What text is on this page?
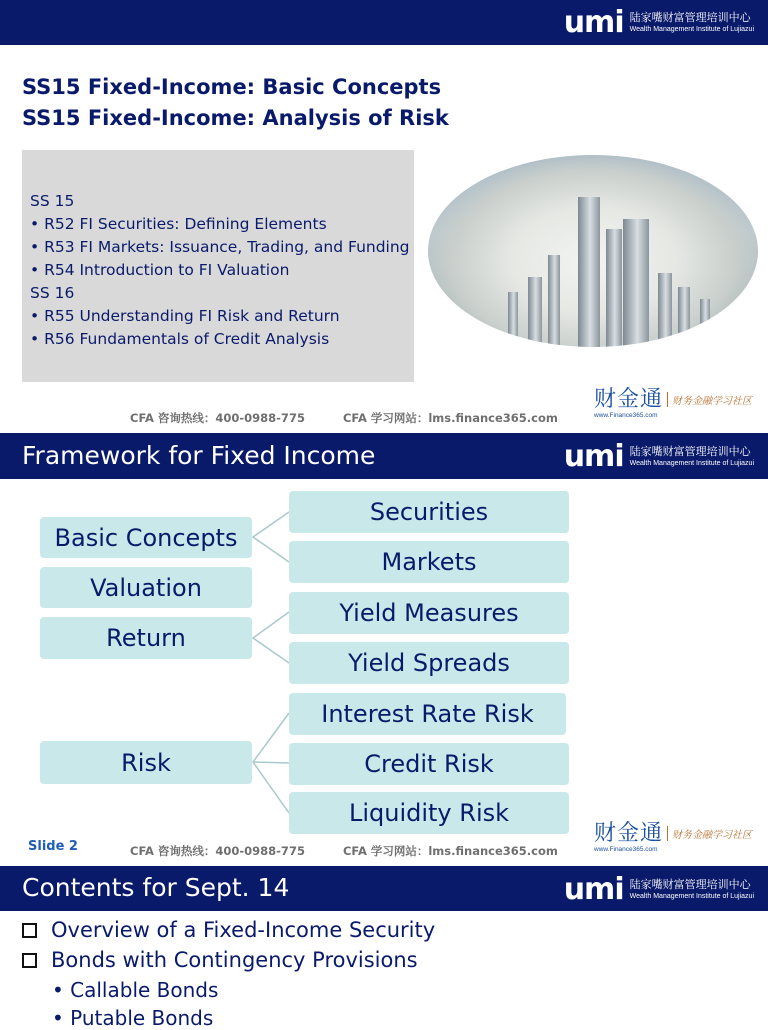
umi 陆家嘴财富管理培训中心
Wealth Management Institute of Lujiazui
SS15 Fixed-Income: Basic Concepts
SS15 Fixed-Income: Analysis of Risk
SS 15
• R52 FI Securities: Defining Elements
• R53 FI Markets: Issuance, Trading, and Funding
• R54 Introduction to FI Valuation
SS 16
• R55 Understanding FI Risk and Return
• R56 Fundamentals of Credit Analysis
CFA 咨询热线：400-0988-775	CFA 学习网站：lms.finance365.com
财金通
www.Finance365.com
财务金融学习社区
Framework for Fixed Income	umi 陆家嘴财富管理培训中心
Wealth Management Institute of Lujiazui
Basic Concepts
Valuation
Return
Risk
Securities
Markets
Yield Measures
Yield Spreads
Interest Rate Risk
Credit Risk
Liquidity Risk
Slide 2	CFA 咨询热线：400-0988-775	CFA 学习网站：lms.finance365.com
财金通
www.Finance365.com
财务金融学习社区
Contents for Sept. 14	umi 陆家嘴财富管理培训中心
Wealth Management Institute of Lujiazui
Overview of a Fixed-Income Security
Bonds with Contingency Provisions
• Callable Bonds
• Putable Bonds
